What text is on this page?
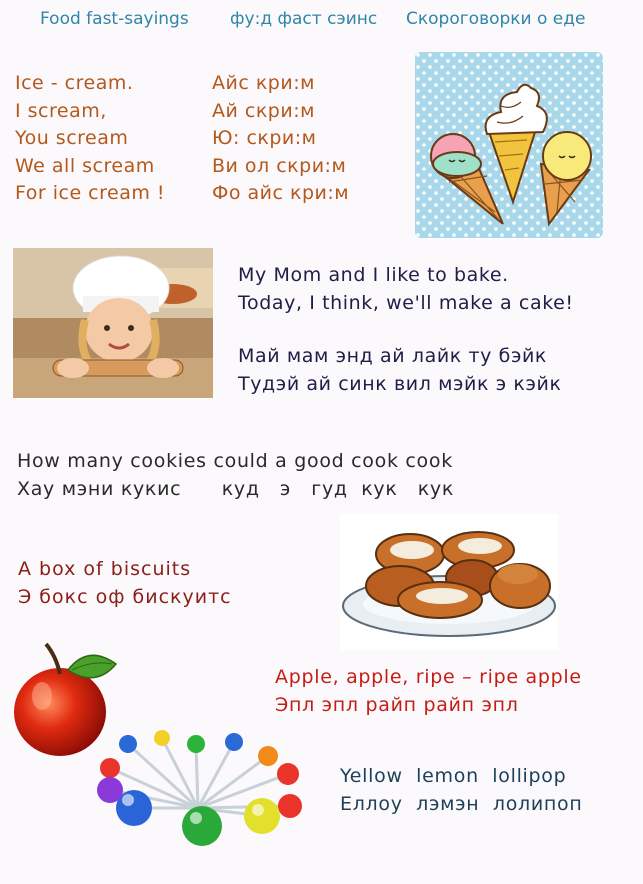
Food fast-sayings фу:д фаст сэинс Скороговорки о еде
Ice - cream.
I scream,
You scream
We all scream
For ice cream !
Айс кри:м
Ай скри:м
Ю: скри:м
Ви ол скри:м
Фо айс кри:м
My Mom and I like to bake.
Today, I think, we'll make a cake!
Май мам энд ай лайк ту бэйк
Тудэй ай синк вил мэйк э кэйк
How many cookies could a good cook cook
Хау мэни кукис      куд   э   гуд  кук   кук
A box of biscuits
Э бокс оф бискуитс
Apple, apple, ripe – ripe apple
Эпл эпл райп райп эпл
Yellow  lemon  lollipop
Еллоу  лэмэн  лолипоп
